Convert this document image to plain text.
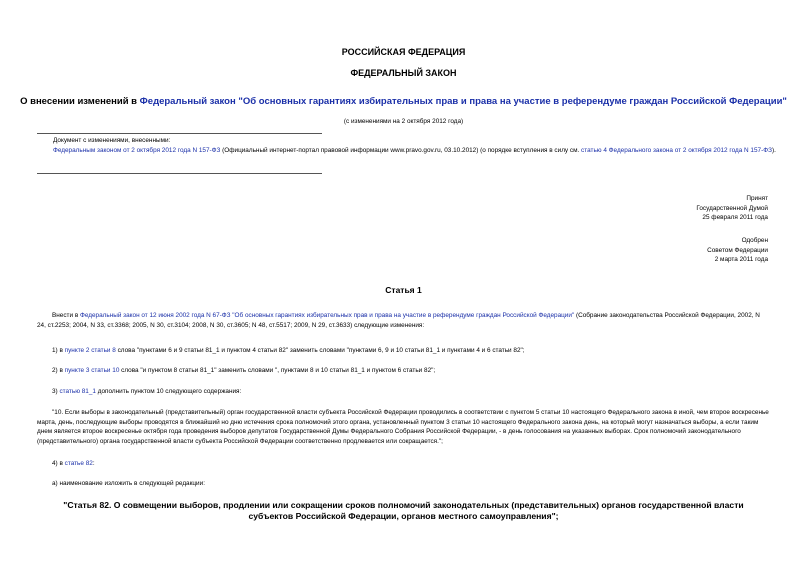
РОССИЙСКАЯ ФЕДЕРАЦИЯ
ФЕДЕРАЛЬНЫЙ ЗАКОН
О внесении изменений в Федеральный закон "Об основных гарантиях избирательных прав и права на участие в референдуме граждан Российской Федерации"
(с изменениями на 2 октября 2012 года)
Документ с изменениями, внесенными:
Федеральным законом от 2 октября 2012 года N 157-ФЗ (Официальный интернет-портал правовой информации www.pravo.gov.ru, 03.10.2012) (о порядке вступления в силу см. статью 4 Федерального закона от 2 октября 2012 года N 157-ФЗ).
Принят
Государственной Думой
25 февраля 2011 года
Одобрен
Советом Федерации
2 марта 2011 года
Статья 1
Внести в Федеральный закон от 12 июня 2002 года N 67-ФЗ "Об основных гарантиях избирательных прав и права на участие в референдуме граждан Российской Федерации" (Собрание законодательства Российской Федерации, 2002, N 24, ст.2253; 2004, N 33, ст.3368; 2005, N 30, ст.3104; 2008, N 30, ст.3605; N 48, ст.5517; 2009, N 29, ст.3633) следующие изменения:
1) в пункте 2 статьи 8 слова "пунктами 6 и 9 статьи 81_1 и пунктом 4 статьи 82" заменить словами "пунктами 6, 9 и 10 статьи 81_1 и пунктами 4 и 6 статьи 82";
2) в пункте 3 статьи 10 слова "и пунктом 8 статьи 81_1" заменить словами ", пунктами 8 и 10 статьи 81_1 и пунктом 6 статьи 82";
3) статью 81_1 дополнить пунктом 10 следующего содержания:
"10. Если выборы в законодательный (представительный) орган государственной власти субъекта Российской Федерации проводились в соответствии с пунктом 5 статьи 10 настоящего Федерального закона в иной, чем второе воскресенье марта, день, последующие выборы проводятся в ближайший но дню истечения срока полномочий этого органа, установленный пунктом 3 статьи 10 настоящего Федерального закона день, на который могут назначаться выборы, а если таким днем является второе воскресенье октября года проведения выборов депутатов Государственной Думы Федерального Собрания Российской Федерации, - в день голосования на указанных выборах. Срок полномочий законодательного (представительного) органа государственной власти субъекта Российской Федерации соответственно продлевается или сокращается.";
4) в статье 82:
а) наименование изложить в следующей редакции:
"Статья 82. О совмещении выборов, продлении или сокращении сроков полномочий законодательных (представительных) органов государственной власти субъектов Российской Федерации, органов местного самоуправления";
